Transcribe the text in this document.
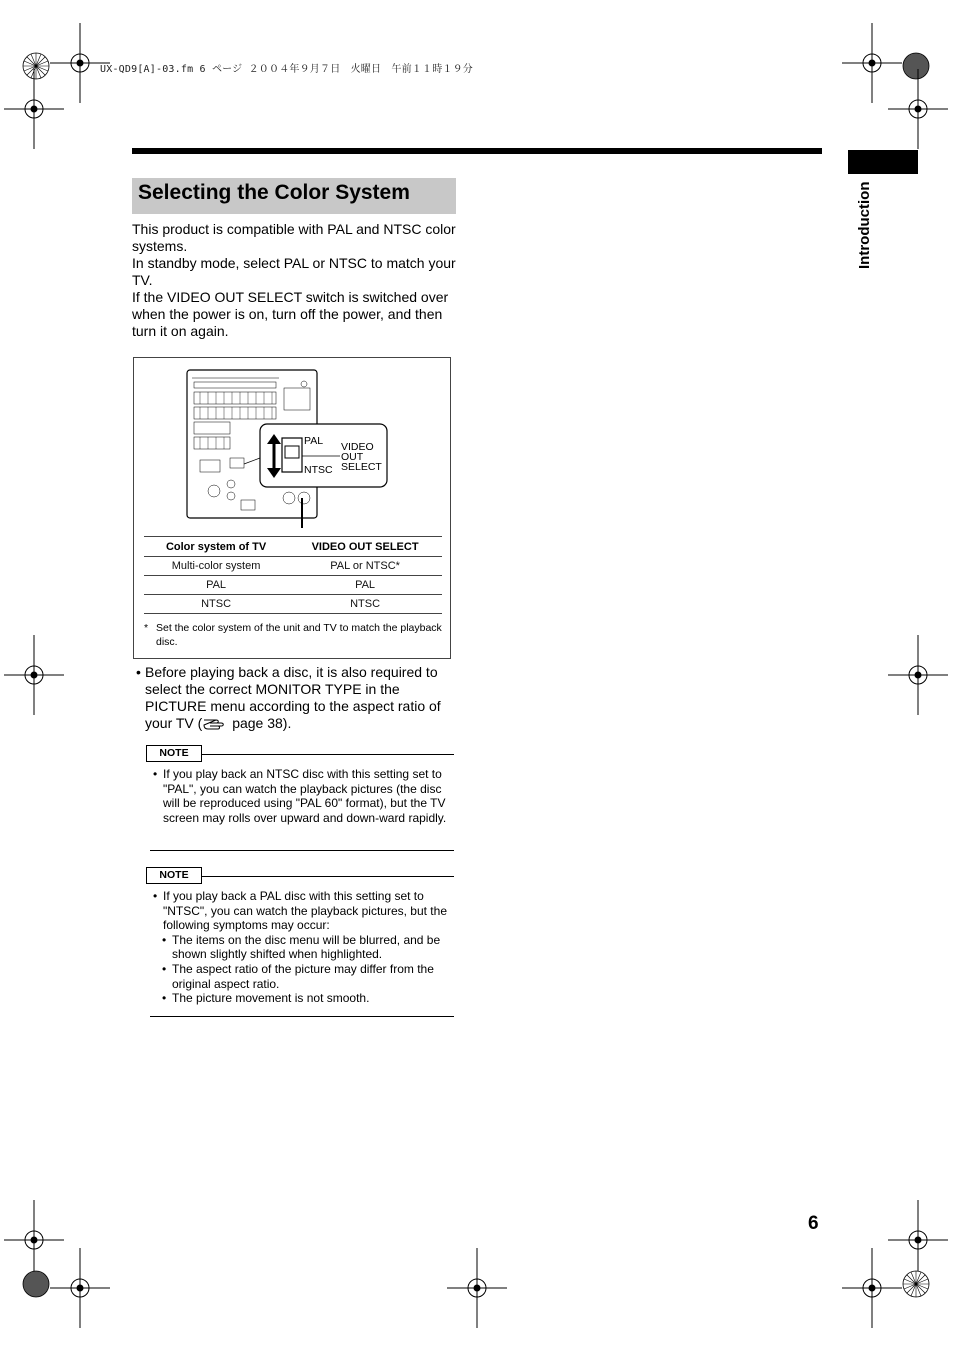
UX-QD9[A]-03.fm 6 ページ ２００４年９月７日　火曜日　午前１１時１９分
Introduction
Selecting the Color System

This product is compatible with PAL and NTSC color systems.

In standby mode, select PAL or NTSC to match your TV.

If the VIDEO OUT SELECT switch is switched over when the power is on, turn off the power, and then turn it on again.

PAL
NTSC
VIDEO
OUT
SELECT
Color system of TV	VIDEO OUT SELECT
Multi-color system	PAL or NTSC*
PAL	PAL
NTSC	NTSC
* Set the color system of the unit and TV to match the playback disc.
• Before playing back a disc, it is also required to select the correct MONITOR TYPE in the PICTURE menu according to the aspect ratio of your TV ( page 38).
NOTE
• If you play back an NTSC disc with this setting set to "PAL", you can watch the playback pictures (the disc will be reproduced using "PAL 60" format), but the TV screen may rolls over upward and down-ward rapidly.
NOTE
• If you play back a PAL disc with this setting set to "NTSC", you can watch the playback pictures, but the following symptoms may occur:
• The items on the disc menu will be blurred, and be shown slightly shifted when highlighted.
• The aspect ratio of the picture may differ from the original aspect ratio.
• The picture movement is not smooth.
6
